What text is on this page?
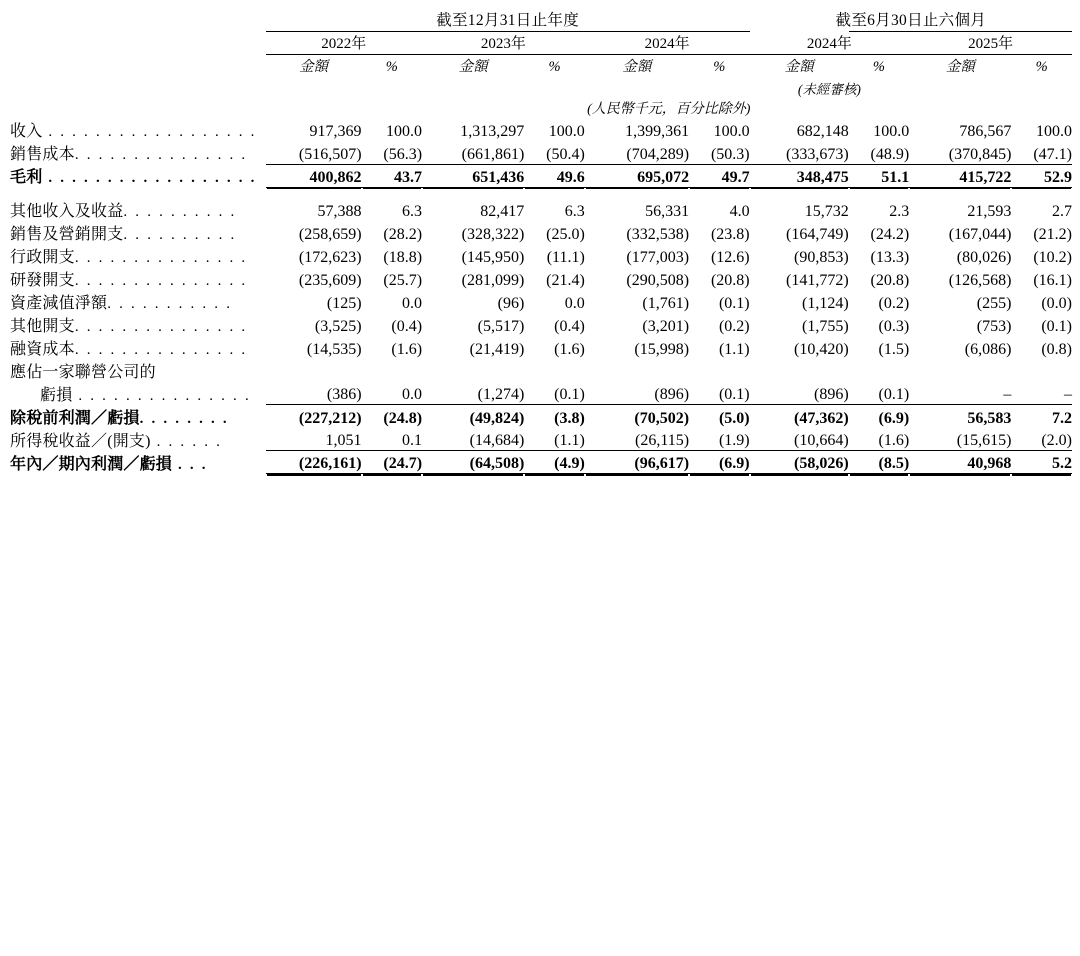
	截至12月31日止年度						截至6月30日止六個月			

	2022年		2023年		2024年		2024年		2025年	

	金額	%	金額	%	金額	%	金額	%	金額	%
							(未經審核)			
	(人民幣千元，百分比除外)									
收入 . . . . . . . . . . . . . . . . . .	917,369	100.0	1,313,297	100.0	1,399,361	100.0	682,148	100.0	786,567	100.0
銷售成本. . . . . . . . . . . . . . .	(516,507)	(56.3)	(661,861)	(50.4)	(704,289)	(50.3)	(333,673)	(48.9)	(370,845)	(47.1)
毛利 . . . . . . . . . . . . . . . . . .	400,862	43.7	651,436	49.6	695,072	49.7	348,475	51.1	415,722	52.9

其他收入及收益. . . . . . . . . .	57,388	6.3	82,417	6.3	56,331	4.0	15,732	2.3	21,593	2.7
銷售及營銷開支. . . . . . . . . .	(258,659)	(28.2)	(328,322)	(25.0)	(332,538)	(23.8)	(164,749)	(24.2)	(167,044)	(21.2)
行政開支. . . . . . . . . . . . . . .	(172,623)	(18.8)	(145,950)	(11.1)	(177,003)	(12.6)	(90,853)	(13.3)	(80,026)	(10.2)
研發開支. . . . . . . . . . . . . . .	(235,609)	(25.7)	(281,099)	(21.4)	(290,508)	(20.8)	(141,772)	(20.8)	(126,568)	(16.1)
資產減值淨額. . . . . . . . . . .	(125)	0.0	(96)	0.0	(1,761)	(0.1)	(1,124)	(0.2)	(255)	(0.0)
其他開支. . . . . . . . . . . . . . .	(3,525)	(0.4)	(5,517)	(0.4)	(3,201)	(0.2)	(1,755)	(0.3)	(753)	(0.1)
融資成本. . . . . . . . . . . . . . .	(14,535)	(1.6)	(21,419)	(1.6)	(15,998)	(1.1)	(10,420)	(1.5)	(6,086)	(0.8)
應佔一家聯營公司的										
虧損 . . . . . . . . . . . . . . .	(386)	0.0	(1,274)	(0.1)	(896)	(0.1)	(896)	(0.1)	–	–
除稅前利潤／虧損. . . . . . . .	(227,212)	(24.8)	(49,824)	(3.8)	(70,502)	(5.0)	(47,362)	(6.9)	56,583	7.2
所得稅收益／(開支) . . . . . .	1,051	0.1	(14,684)	(1.1)	(26,115)	(1.9)	(10,664)	(1.6)	(15,615)	(2.0)
年內／期內利潤／虧損 . . .	(226,161)	(24.7)	(64,508)	(4.9)	(96,617)	(6.9)	(58,026)	(8.5)	40,968	5.2
